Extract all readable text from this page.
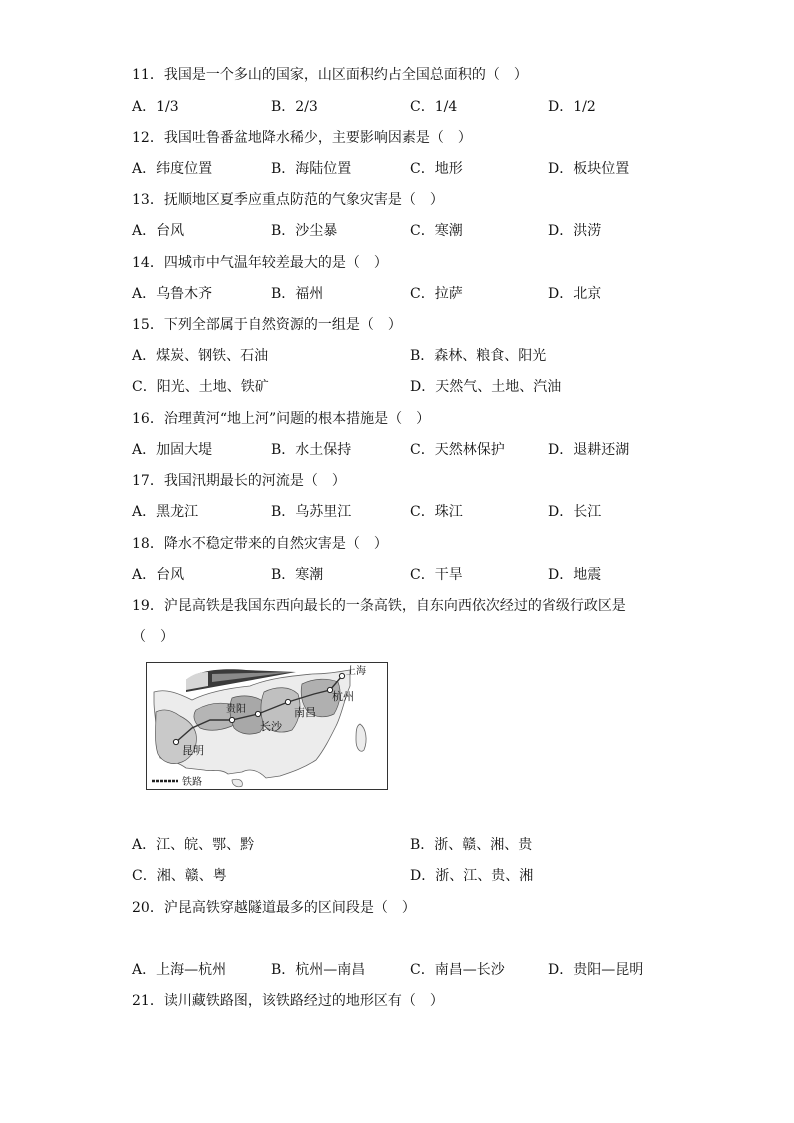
11．我国是一个多山的国家，山区面积约占全国总面积的（　）
A．1/3	B．2/3	C．1/4	D．1/2
12．我国吐鲁番盆地降水稀少，主要影响因素是（　）
A．纬度位置	B．海陆位置	C．地形	D．板块位置
13．抚顺地区夏季应重点防范的气象灾害是（　）
A．台风	B．沙尘暴	C．寒潮	D．洪涝
14．四城市中气温年较差最大的是（　）
A．乌鲁木齐	B．福州	C．拉萨	D．北京
15．下列全部属于自然资源的一组是（　）
A．煤炭、钢铁、石油	B．森林、粮食、阳光
C．阳光、土地、铁矿	D．天然气、土地、汽油
16．治理黄河“地上河”问题的根本措施是（　）
A．加固大堤	B．水土保持	C．天然林保护	D．退耕还湖
17．我国汛期最长的河流是（　）
A．黑龙江	B．乌苏里江	C．珠江	D．长江
18．降水不稳定带来的自然灾害是（　）
A．台风	B．寒潮	C．干旱	D．地震
19．沪昆高铁是我国东西向最长的一条高铁，自东向西依次经过的省级行政区是
（　）
上海
杭州
南昌
长沙
贵阳
昆明
铁路
A．江、皖、鄂、黔	B．浙、赣、湘、贵
C．湘、赣、粤	D．浙、江、贵、湘
20．沪昆高铁穿越隧道最多的区间段是（　）
A．上海—杭州	B．杭州—南昌	C．南昌—长沙	D．贵阳—昆明
21．读川藏铁路图，该铁路经过的地形区有（　）
